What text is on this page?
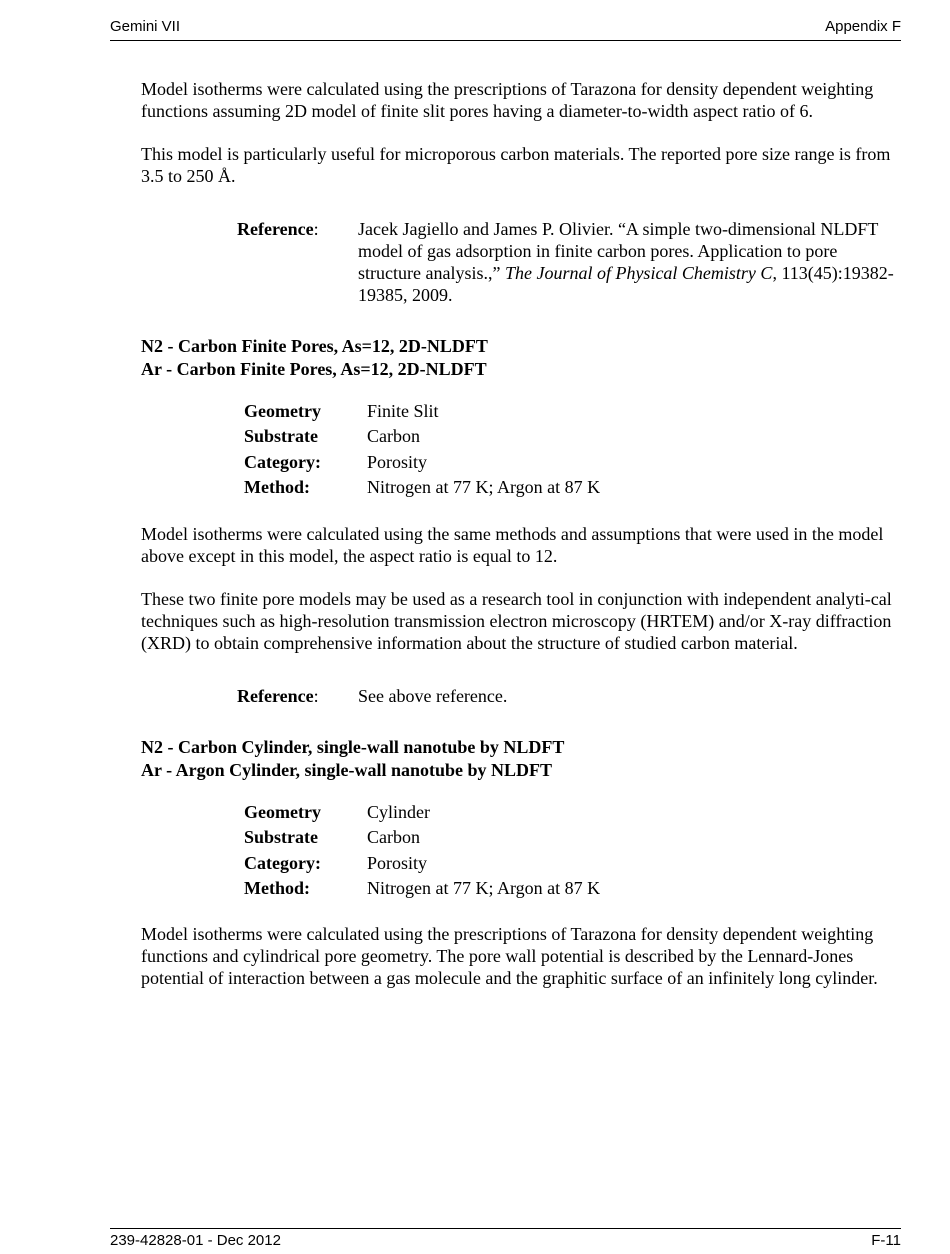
Gemini VII	Appendix F

Model isotherms were calculated using the prescriptions of Tarazona for density dependent weighting functions assuming 2D model of finite slit pores having a diameter-to-width aspect ratio of 6.

This model is particularly useful for microporous carbon materials. The reported pore size range is from 3.5 to 250 Å.

Reference: Jacek Jagiello and James P. Olivier. “A simple two-dimensional NLDFT model of gas adsorption in finite carbon pores. Application to pore structure analysis.,” The Journal of Physical Chemistry C, 113(45):19382-19385, 2009.

N2 - Carbon Finite Pores, As=12, 2D-NLDFT

Ar - Carbon Finite Pores, As=12, 2D-NLDFT

Geometry	Finite Slit
Substrate	Carbon
Category:	Porosity
Method:	Nitrogen at 77 K; Argon at 87 K

Model isotherms were calculated using the same methods and assumptions that were used in the model above except in this model, the aspect ratio is equal to 12.

These two finite pore models may be used as a research tool in conjunction with independent analyti-cal techniques such as high-resolution transmission electron microscopy (HRTEM) and/or X-ray diffraction (XRD) to obtain comprehensive information about the structure of studied carbon material.

Reference: See above reference.

N2 - Carbon Cylinder, single-wall nanotube by NLDFT

Ar - Argon Cylinder, single-wall nanotube by NLDFT

Geometry	Cylinder
Substrate	Carbon
Category:	Porosity
Method:	Nitrogen at 77 K; Argon at 87 K

Model isotherms were calculated using the prescriptions of Tarazona for density dependent weighting functions and cylindrical pore geometry. The pore wall potential is described by the Lennard-Jones potential of interaction between a gas molecule and the graphitic surface of an infinitely long cylinder.

239-42828-01 - Dec 2012	F-11
